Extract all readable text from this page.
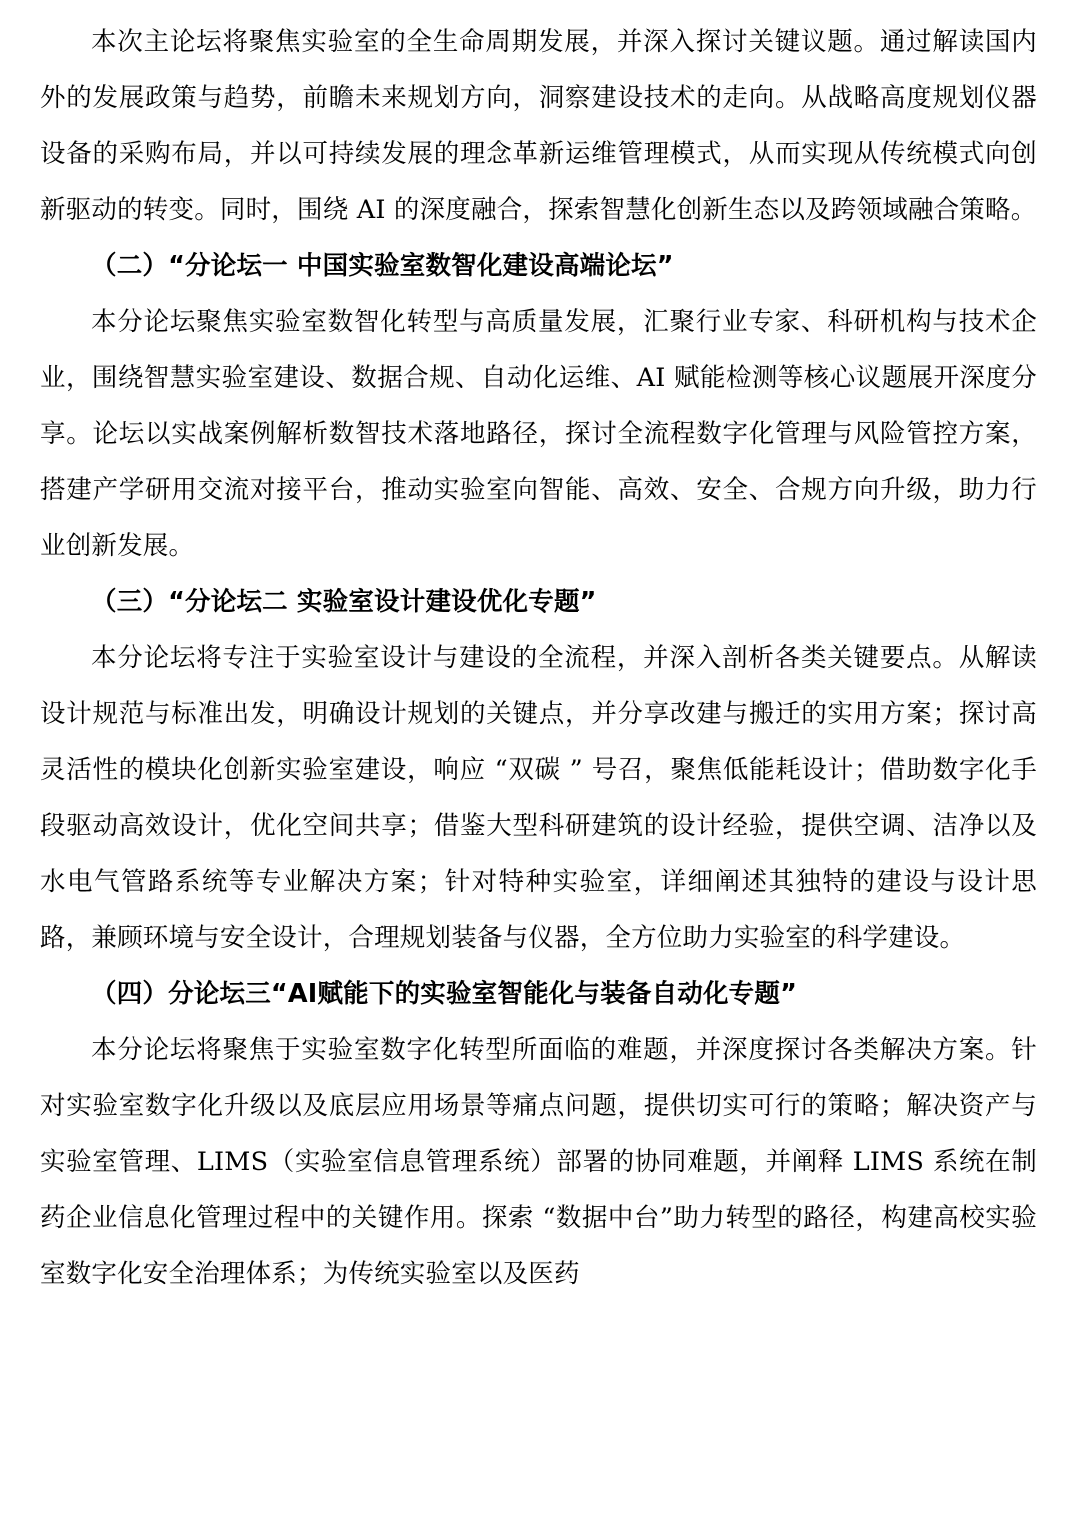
本次主论坛将聚焦实验室的全生命周期发展，并深入探讨关键议题。通过解读国内外的发展政策与趋势，前瞻未来规划方向，洞察建设技术的走向。从战略高度规划仪器设备的采购布局，并以可持续发展的理念革新运维管理模式，从而实现从传统模式向创新驱动的转变。同时，围绕 AI 的深度融合，探索智慧化创新生态以及跨领域融合策略。

（二）“分论坛一 中国实验室数智化建设高端论坛”

本分论坛聚焦实验室数智化转型与高质量发展，汇聚行业专家、科研机构与技术企业，围绕智慧实验室建设、数据合规、自动化运维、AI 赋能检测等核心议题展开深度分享。论坛以实战案例解析数智技术落地路径，探讨全流程数字化管理与风险管控方案，搭建产学研用交流对接平台，推动实验室向智能、高效、安全、合规方向升级，助力行业创新发展。

（三）“分论坛二 实验室设计建设优化专题”

本分论坛将专注于实验室设计与建设的全流程，并深入剖析各类关键要点。从解读设计规范与标准出发，明确设计规划的关键点，并分享改建与搬迁的实用方案；探讨高灵活性的模块化创新实验室建设，响应 “双碳 ” 号召，聚焦低能耗设计；借助数字化手段驱动高效设计，优化空间共享；借鉴大型科研建筑的设计经验，提供空调、洁净以及水电气管路系统等专业解决方案；针对特种实验室，详细阐述其独特的建设与设计思路，兼顾环境与安全设计，合理规划装备与仪器，全方位助力实验室的科学建设。

（四）分论坛三“AI赋能下的实验室智能化与装备自动化专题”

本分论坛将聚焦于实验室数字化转型所面临的难题，并深度探讨各类解决方案。针对实验室数字化升级以及底层应用场景等痛点问题，提供切实可行的策略；解决资产与实验室管理、LIMS（实验室信息管理系统）部署的协同难题，并阐释 LIMS 系统在制药企业信息化管理过程中的关键作用。探索 “数据中台”助力转型的路径，构建高校实验室数字化安全治理体系；为传统实验室以及医药
